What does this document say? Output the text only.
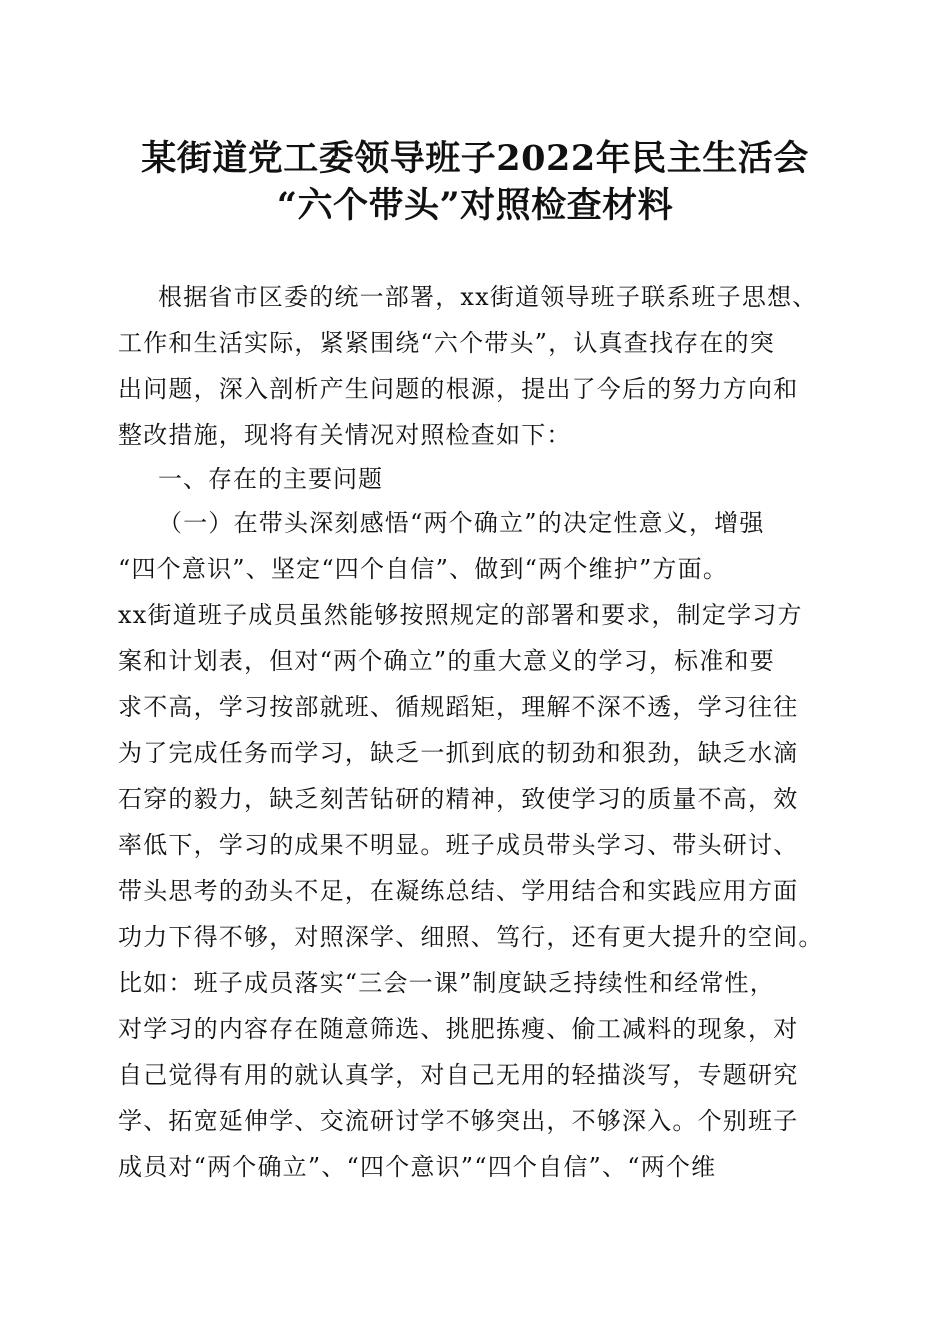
某街道党工委领导班子2022年民主生活会
“六个带头”对照检查材料
根据省市区委的统一部署，xx街道领导班子联系班子思想、
工作和生活实际，紧紧围绕“六个带头”，认真查找存在的突
出问题，深入剖析产生问题的根源，提出了今后的努力方向和
整改措施，现将有关情况对照检查如下：
一、存在的主要问题
（一）在带头深刻感悟“两个确立”的决定性意义，增强
“四个意识”、坚定“四个自信”、做到“两个维护”方面。
xx街道班子成员虽然能够按照规定的部署和要求，制定学习方
案和计划表，但对“两个确立”的重大意义的学习，标准和要
求不高，学习按部就班、循规蹈矩，理解不深不透，学习往往
为了完成任务而学习，缺乏一抓到底的韧劲和狠劲，缺乏水滴
石穿的毅力，缺乏刻苦钻研的精神，致使学习的质量不高，效
率低下，学习的成果不明显。班子成员带头学习、带头研讨、
带头思考的劲头不足，在凝练总结、学用结合和实践应用方面
功力下得不够，对照深学、细照、笃行，还有更大提升的空间。
比如：班子成员落实“三会一课”制度缺乏持续性和经常性，
对学习的内容存在随意筛选、挑肥拣瘦、偷工减料的现象，对
自己觉得有用的就认真学，对自己无用的轻描淡写，专题研究
学、拓宽延伸学、交流研讨学不够突出，不够深入。个别班子
成员对“两个确立”、“四个意识”“四个自信”、“两个维
